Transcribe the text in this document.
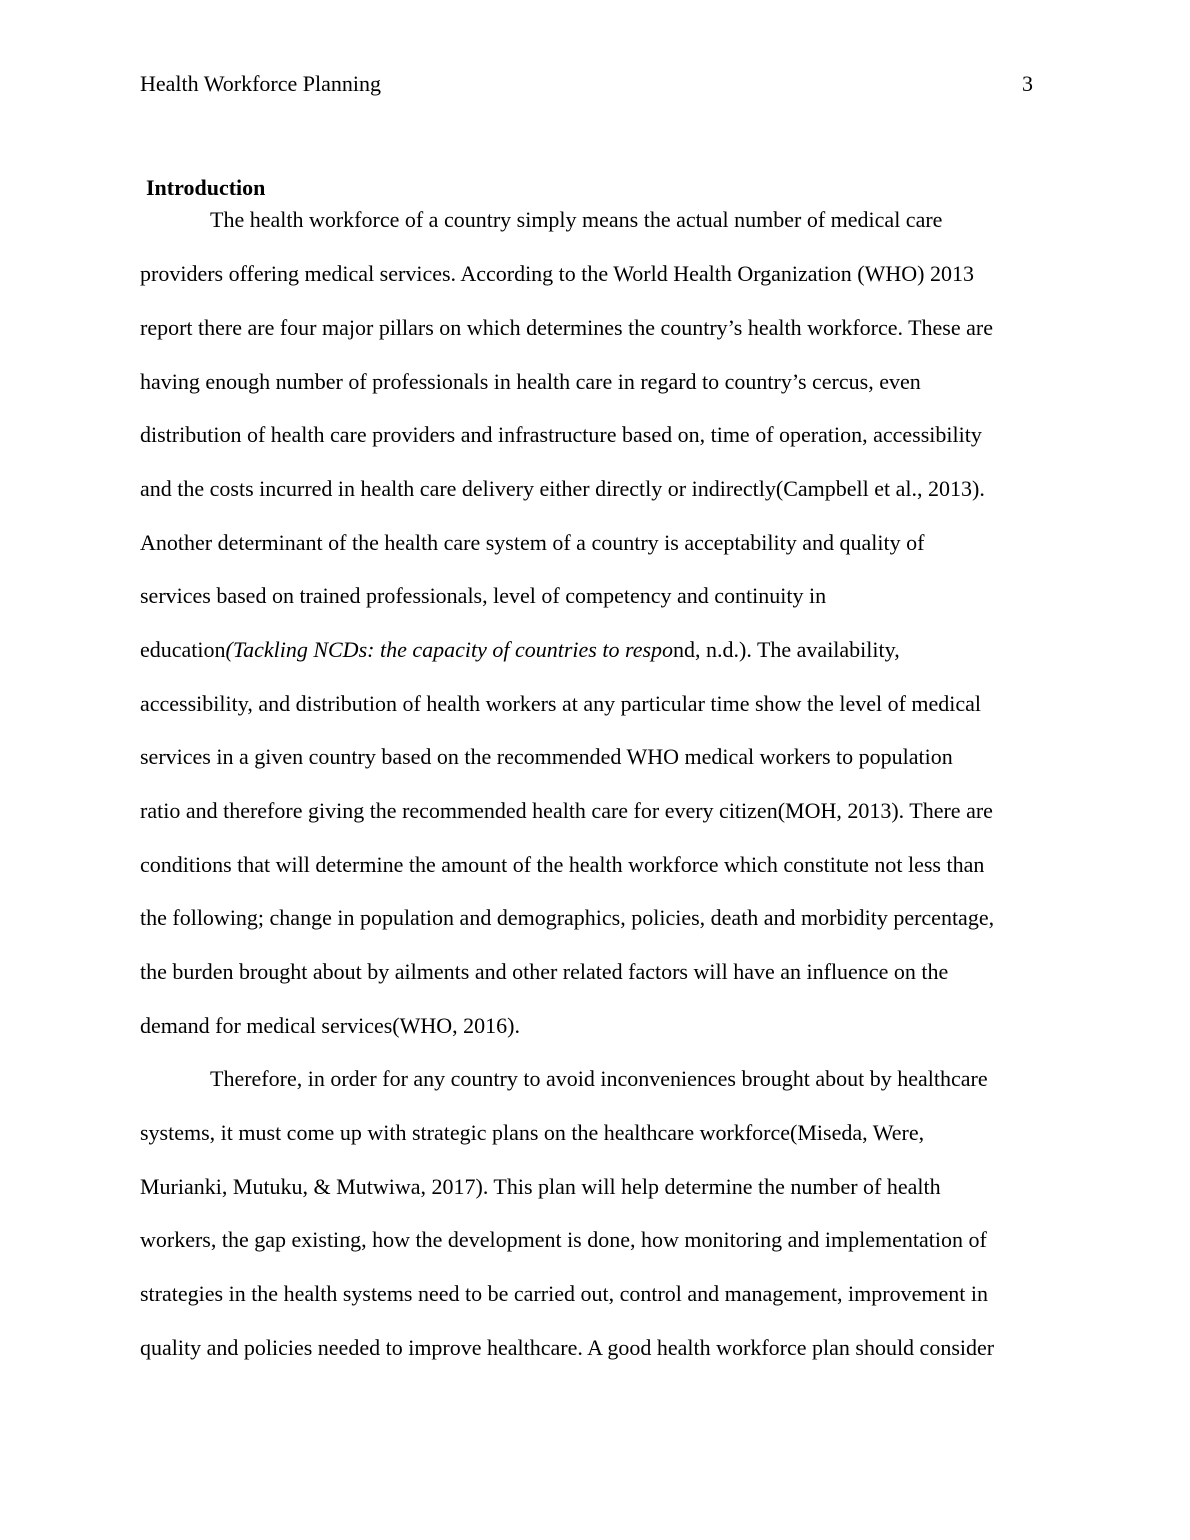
Health Workforce Planning	3
Introduction
The health workforce of a country simply means the actual number of medical care
providers offering medical services. According to the World Health Organization (WHO) 2013
report there are four major pillars on which determines the country’s health workforce. These are
having enough number of professionals in health care in regard to country’s cercus, even
distribution of health care providers and infrastructure based on, time of operation, accessibility
and the costs incurred in health care delivery either directly or indirectly(Campbell et al., 2013).
Another determinant of the health care system of a country is acceptability and quality of
services based on trained professionals, level of competency and continuity in
education(Tackling NCDs: the capacity of countries to respond, n.d.). The availability,
accessibility, and distribution of health workers at any particular time show the level of medical
services in a given country based on the recommended WHO medical workers to population
ratio and therefore giving the recommended health care for every citizen(MOH, 2013). There are
conditions that will determine the amount of the health workforce which constitute not less than
the following; change in population and demographics, policies, death and morbidity percentage,
the burden brought about by ailments and other related factors will have an influence on the
demand for medical services(WHO, 2016).
Therefore, in order for any country to avoid inconveniences brought about by healthcare
systems, it must come up with strategic plans on the healthcare workforce(Miseda, Were,
Murianki, Mutuku, & Mutwiwa, 2017). This plan will help determine the number of health
workers, the gap existing, how the development is done, how monitoring and implementation of
strategies in the health systems need to be carried out, control and management, improvement in
quality and policies needed to improve healthcare. A good health workforce plan should consider
